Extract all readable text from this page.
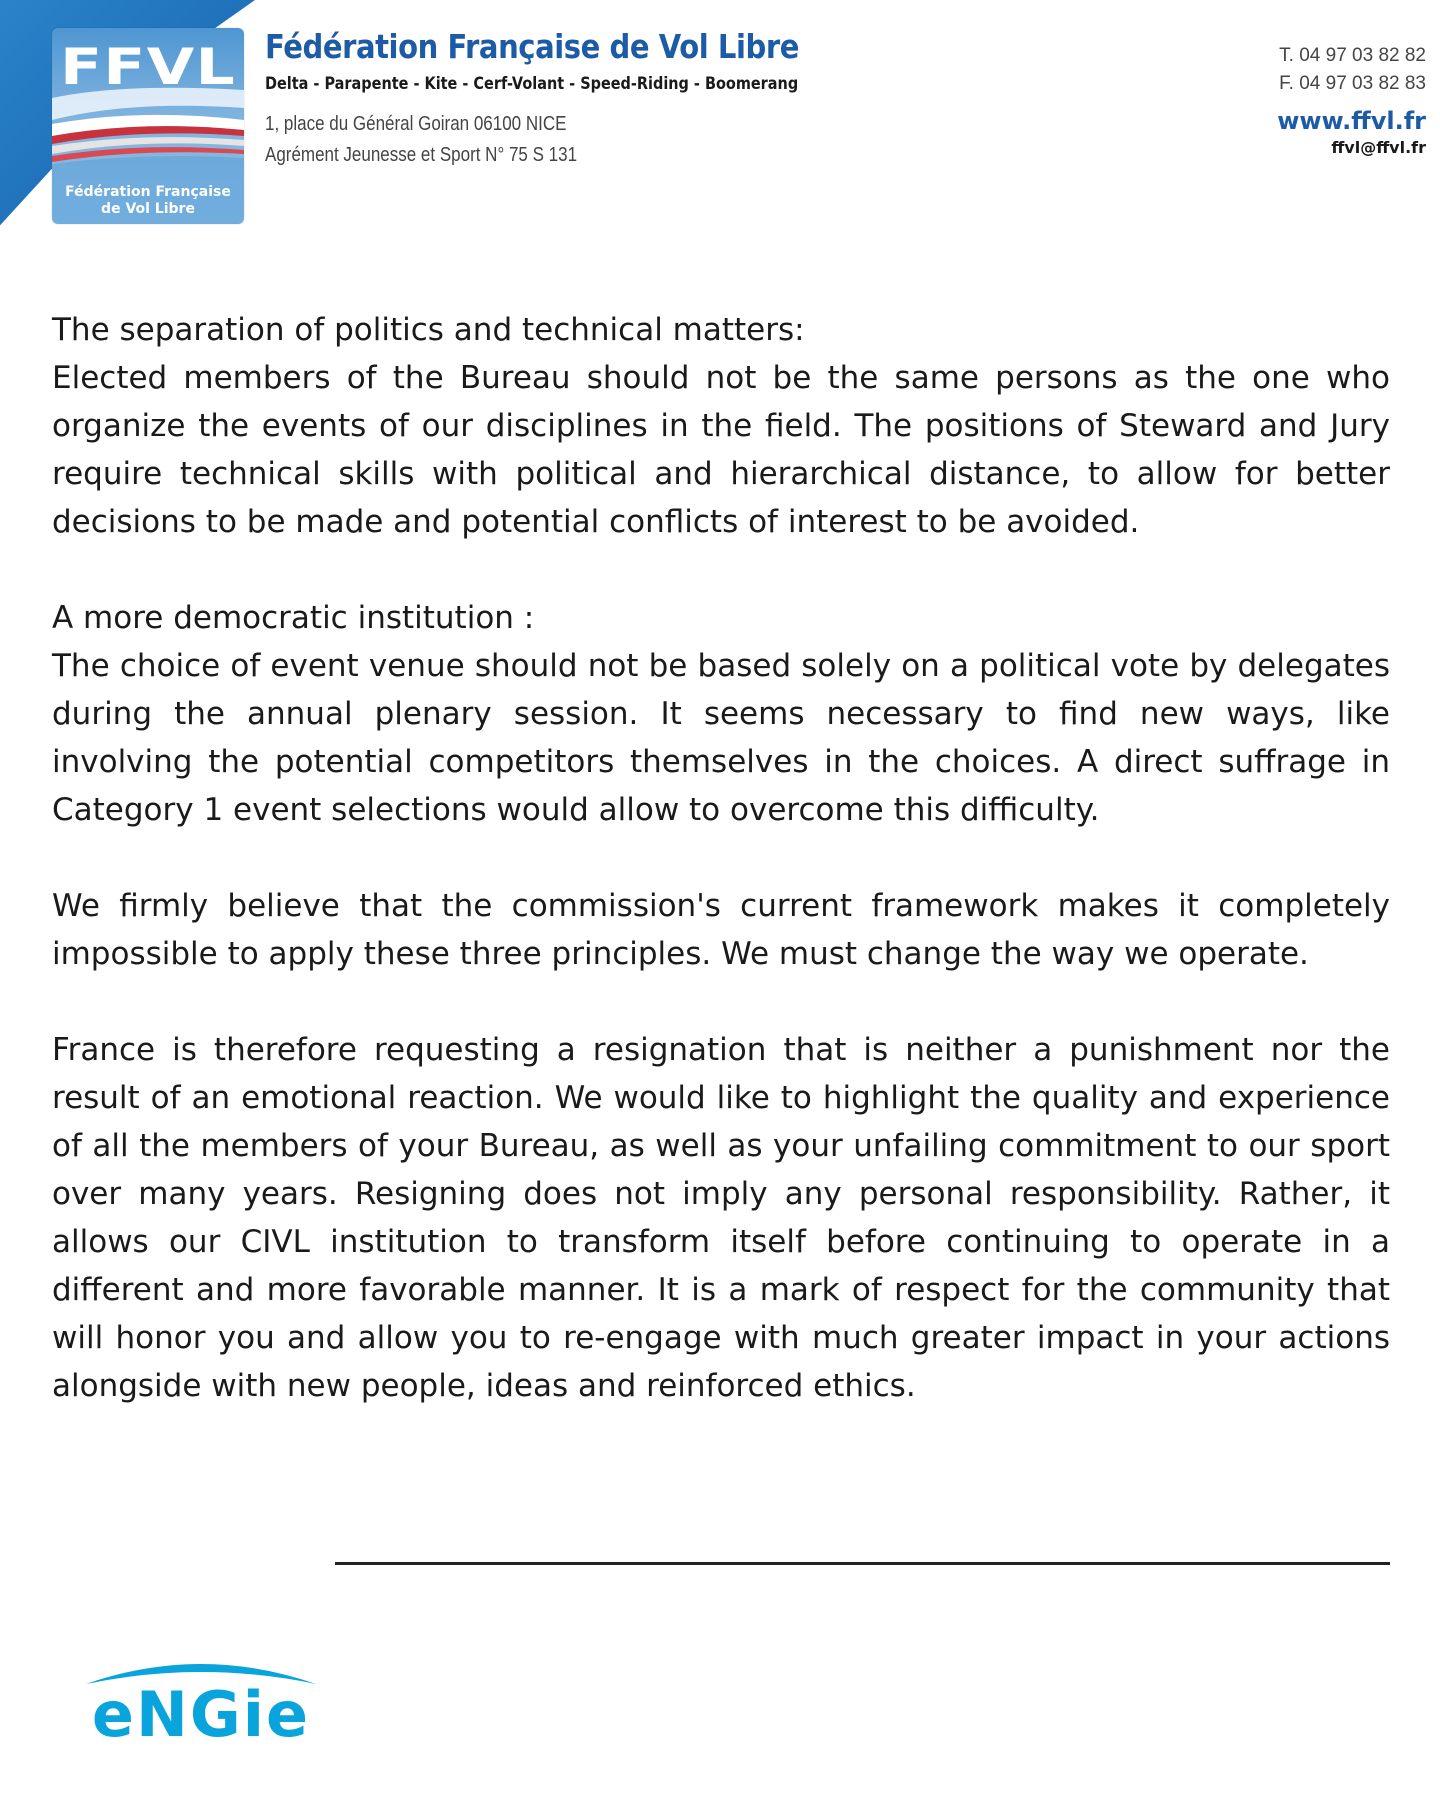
FFVL
Fédération Française
de Vol Libre
Fédération Française de Vol Libre
Delta - Parapente - Kite - Cerf-Volant - Speed-Riding - Boomerang
1, place du Général Goiran 06100 NICE
Agrément Jeunesse et Sport N° 75 S 131
T. 04 97 03 82 82
F. 04 97 03 82 83
www.ffvl.fr
ffvl@ffvl.fr

The separation of politics and technical matters:
Elected members of the Bureau should not be the same persons as the one who organize the events of our disciplines in the field. The positions of Steward and Jury require technical skills with political and hierarchical distance, to allow for better decisions to be made and potential conflicts of interest to be avoided.

A more democratic institution :
The choice of event venue should not be based solely on a political vote by delegates during the annual plenary session. It seems necessary to find new ways, like involving the potential competitors themselves in the choices. A direct suffrage in Category 1 event selections would allow to overcome this difficulty.

We firmly believe that the commission's current framework makes it completely impossible to apply these three principles. We must change the way we operate.

France is therefore requesting a resignation that is neither a punishment nor the result of an emotional reaction. We would like to highlight the quality and experience of all the members of your Bureau, as well as your unfailing commitment to our sport over many years. Resigning does not imply any personal responsibility. Rather, it allows our CIVL institution to transform itself before continuing to operate in a different and more favorable manner. It is a mark of respect for the community that will honor you and allow you to re-engage with much greater impact in your actions alongside with new people, ideas and reinforced ethics.

eNGie
